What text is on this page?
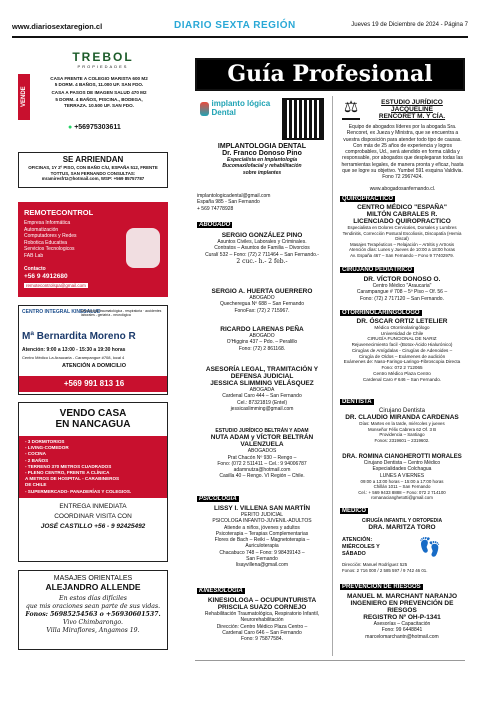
www.diariosextaregion.cl	DIARIO SEXTA REGIÓN	Jueves 19 de Diciembre de 2024 - Página 7
TREBOL
PROPIEDADES
VENDE
CASA FRENTE A COLEGIO MARISTA 600 M2
5 DORM. 4 BAÑOS, 11.000 UF. SAN FDO.
CASA A PASOS DE IMAGEN SALUD 470 M2
5 DORM. 4 BAÑOS, PISCINA., BODEGA,
TERRAZA. 10.500 UF. SAN FDO.
● +56975303611
SE ARRIENDAN
OFICINAS, 1Y 2º PISO, CON BAÑO C/U, ESPAÑA 512, FRENTE TOTTUS, SAN FERNANDO CONSULTAS: mramiresfrtz@hotmail.com, WSP: +569 85757787
REMOTECONTROL
Empresa Informática
Automatización
Computadores y Redes
Robotica Educativa
Servicios Tecnologicos
FAB Lab
Contacto
+56 9 4912680
remotecontrolspa@gmail.com
CENTRO INTEGRAL KINESALUD
kinesiología traumatológica - respiratoria · accidentes laborales - geriatría - neurológica
Mª Bernardita Moreno R
Atención: 9:00 a 13:00 - 15:30 a 19:30 horas
Centro Médico La Araucaria - Carampangue #708, local 4
ATENCIÓN A DOMICILIO
+569 991 813 16
VENDO CASA
EN NANCAGUA
- 3 DORMITORIOS
- LIVING-COMEDOR
- COCINA
- 2 BAÑOS
- TERRENO 370 METROS CUADRADOS
- PLENO CENTRO, FRENTE A CLÍNICA
A METROS DE HOSPITAL - CARABINEROS
DE CHILE
- SUPERMERCADO- PANADERÍAS Y COLEGIOS.
ENTREGA INMEDIATA
COORDINAR VISITA CON
JOSÉ CASTILLO +56 - 9 92425492
MASAJES ORIENTALES
ALEJANDRO ALLENDE
En estos días difíciles
que mis oraciones sean parte de sus vidas.
Fonos: 56985254563 o +56930601537.
Vivo Chimbarongo.
Villa Miraflores, Angamos 19.
Guía Profesional
implanto lógica Dental
IMPLANTOLOGIA DENTAL
Dr. Franco Donoso Pino
Especialista en Implantología
Bucomaxilofacial y rehabilitación
sobre implantes
implantologicadental@gmail.com
España 985 - San Fernando
+ 569 74778928
ABOGADO
SERGIO GONZÁLEZ PINO
Asuntos Civiles, Laborales y Criminales.
Contratos – Asuntos de Familia – Divorcios
Curalí 532 – Fono: (72) 2 711464 – San Fernando.-
2 cuc.- h.- 2 feb.-
SERGIO A. HUERTA GUERRERO
ABOGADO
Quecheregua Nº 688 – San Fernando
FonoFax: (72) 2 715967.
RICARDO LARENAS PEÑA
ABOGADO
O'Higgins 437 – Pdo. – Peralillo
Fono: (72) 2 861168.
ASESORÍA LEGAL, TRAMITACIÓN Y DEFENSA JUDICIAL
JESSICA SLIMMING VELÁSQUEZ
ABOGADA
Cardenal Caro 444 – San Fernando
Cel.: 87321819 (Entel)
jessicaslimming@gmail.com
ESTUDIO JURÍDICO BELTRÁN Y ADAM
NUTA ADAM y VÍCTOR BELTRÁN VALENZUELA
ABOGADOS
Prat Chacón Nº 930 – Rengo –
Fono: (072 2 511411 – Cel.: 9 94006787
adamnutza@hotmail.com
Casilla 40 – Rengo. VI Región – Chile.
PSICOLOGIA
LISSY I. VILLENA SAN MARTÍN
PERITO JUDICIAL
PSICOLOGA INFANTO-JUVENIL-ADULTOS
Atiende a niños, jóvenes y adultos
Psicoterapia – Terapias Complementarias
Flores de Bach – Reiki – Magnetoterapia –
Auriculoterapia
Chacabuco 748 – Fono: 9 98439143 –
San Fernando
lisayvillena@gmail.com
KINESIOLOGIA
KINESIOLOGA – OCUPUNTURISTA
PRISCILA SUAZO CORNEJO
Rehabilitación Traumatológica, Respiratorio Infantil,
Neurorehabilitación
Dirección: Centro Médico Plaza Centro –
Cardenal Caro 646 – San Fernando
Fono: 9 75877584.
⚖	ESTUDIO JURÍDICO JACQUELINE
RENCORET M. Y CÍA.
Equipo de abogados líderes por la abogada Sra. Rencoret, ex Jueza y Ministra, que se encuentra a vuestra disposición para atender todo tipo de causas. Con más de 25 años de experiencia y logros comprobables, Ud., será atendido en forma cálida y responsable, por abogados que desplegaran todas las herramientas legales, de manera pronta y eficaz, hasta que se logre su objetivo. Yumbel 591 esquina Valdivia. Fono 72 2967424.
www.abogadosanfernando.cl.
QUIROPRÁCTICO
CENTRO MÉDICO "ESPAÑA"
MILTÓN CABRALES R.
LICENCIADO QUIROPRACTICO
Especialista en Dolores Cervicales, Dorsales y Lumbres
Tendinitis, Corrección Postural Escoliosis, Discopatía (Hernia Discal)
Masajes Terapéuticos – Relajación – Artritis y Artrosis
Atención días: Lunes y Jueves de 10:00 a 18:00 horas
Av. España 467 – San Fernando – Fono 9 77402979.
CIRUJANO PEDIÁTRICO
DR. VÍCTOR DONOSO O.
Centro Médico "Araucaria"
Carampangue # 708 – 5º Piso – Of. 56 –
Fono: (72) 2 717120 – San Fernando.
OTORRINOLARINGÓLOGO
DR. ÓSCAR ORTIZ LETELIER
Médico Otorrinolaringólogo
Universidad de Chile
CIRUGÍA FUNCIONAL DE NARIZ
Rejuvenecimiento facil -(Botox-Ácido Hialurónico)
Cirugías de Amígdalas - Cirugías de Adenoides –
Cirugía de Oídos – Exámenes de audición
Exámenes de: Naso-Faringo-Laringo-Fibroscopia Directa
Fono: 072 2 712065
Centro Médico Plaza Centro
Cardenal Caro # 646 – San Fernando.
DENTISTA
Cirujano Dentista
DR. CLAUDIO MIRANDA CARDENAS
Días: Martes en la tarde, miércoles y jueves
Monseñor Félix Cabrera 62 Of. 3 B
Providencia – Santiago
Fonos: 2319601 – 2319602.
DRA. ROMINA CIANGHEROTTI MORALES
Cirujano Dentista – Centro Médico
Especialidades Colchagua
LUNES A VIERNES
09:00 a 13:00 horas – 15:00 a 17:00 horas
Chillán 1011 – San Fernando
Cel.: + 569 9433 8888 – Fono: 072 2 714100
romanacianghetotti@gmail.com
MÉDICO
CIRUGÍA INFANTIL Y ORTOPEDIA
DRA. MARITZA TORO
ATENCIÓN: MIÉRCOLES Y SÁBADO	👣
Dirección: Manuel Rodríguez 525
Fonos: 2 716 000 / 2 585 597 / 9 742 46 01.
PREVENCIÓN DE RIESGOS
MANUEL M. MARCHANT NARANJO
INGENIERO EN PREVENCIÓN DE RIESGOS
REGISTRO Nº OH-P-1341
Asesorías – Capacitación
Fono: 99 6448841
marcelomarchantn@hotmail.com
